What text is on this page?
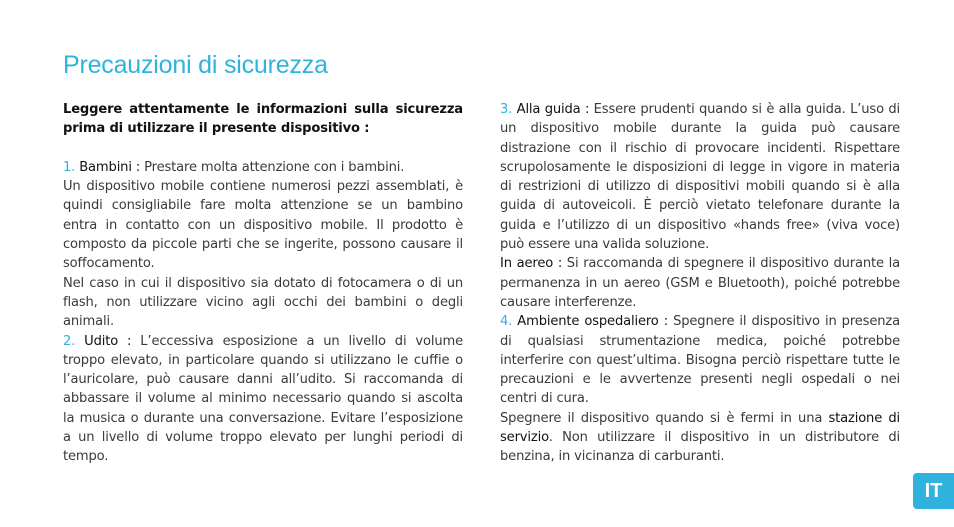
Precauzioni di sicurezza

Leggere attentamente le informazioni sulla sicurezza prima di utilizzare il presente dispositivo :

1. Bambini : Prestare molta attenzione con i bambini.

Un dispositivo mobile contiene numerosi pezzi assemblati, è quindi consigliabile fare molta attenzione se un bambino entra in contatto con un dispositivo mobile. Il prodotto è composto da piccole parti che se ingerite, possono causare il soffocamento.

Nel caso in cui il dispositivo sia dotato di fotocamera o di un flash, non utilizzare vicino agli occhi dei bambini o degli animali.

2. Udito : L’eccessiva esposizione a un livello di volume troppo elevato, in particolare quando si utilizzano le cuffie o l’auricolare, può causare danni all’udito. Si raccomanda di abbassare il volume al minimo necessario quando si ascolta la musica o durante una conversazione. Evitare l’esposizione a un livello di volume troppo elevato per lunghi periodi di tempo.

3. Alla guida : Essere prudenti quando si è alla guida. L’uso di un dispositivo mobile durante la guida può causare distrazione con il rischio di provocare incidenti. Rispettare scrupolosamente le disposizioni di legge in vigore in materia di restrizioni di utilizzo di dispositivi mobili quando si è alla guida di autoveicoli. È perciò vietato telefonare durante la guida e l’utilizzo di un dispositivo «hands free» (viva voce) può essere una valida soluzione.

In aereo : Si raccomanda di spegnere il dispositivo durante la permanenza in un aereo (GSM e Bluetooth), poiché potrebbe causare interferenze.

4. Ambiente ospedaliero : Spegnere il dispositivo in presenza di qualsiasi strumentazione medica, poiché potrebbe interferire con quest’ultima. Bisogna perciò rispettare tutte le precauzioni e le avvertenze presenti negli ospedali o nei centri di cura.

Spegnere il dispositivo quando si è fermi in una stazione di servizio. Non utilizzare il dispositivo in un distributore di benzina, in vicinanza di carburanti.

IT
